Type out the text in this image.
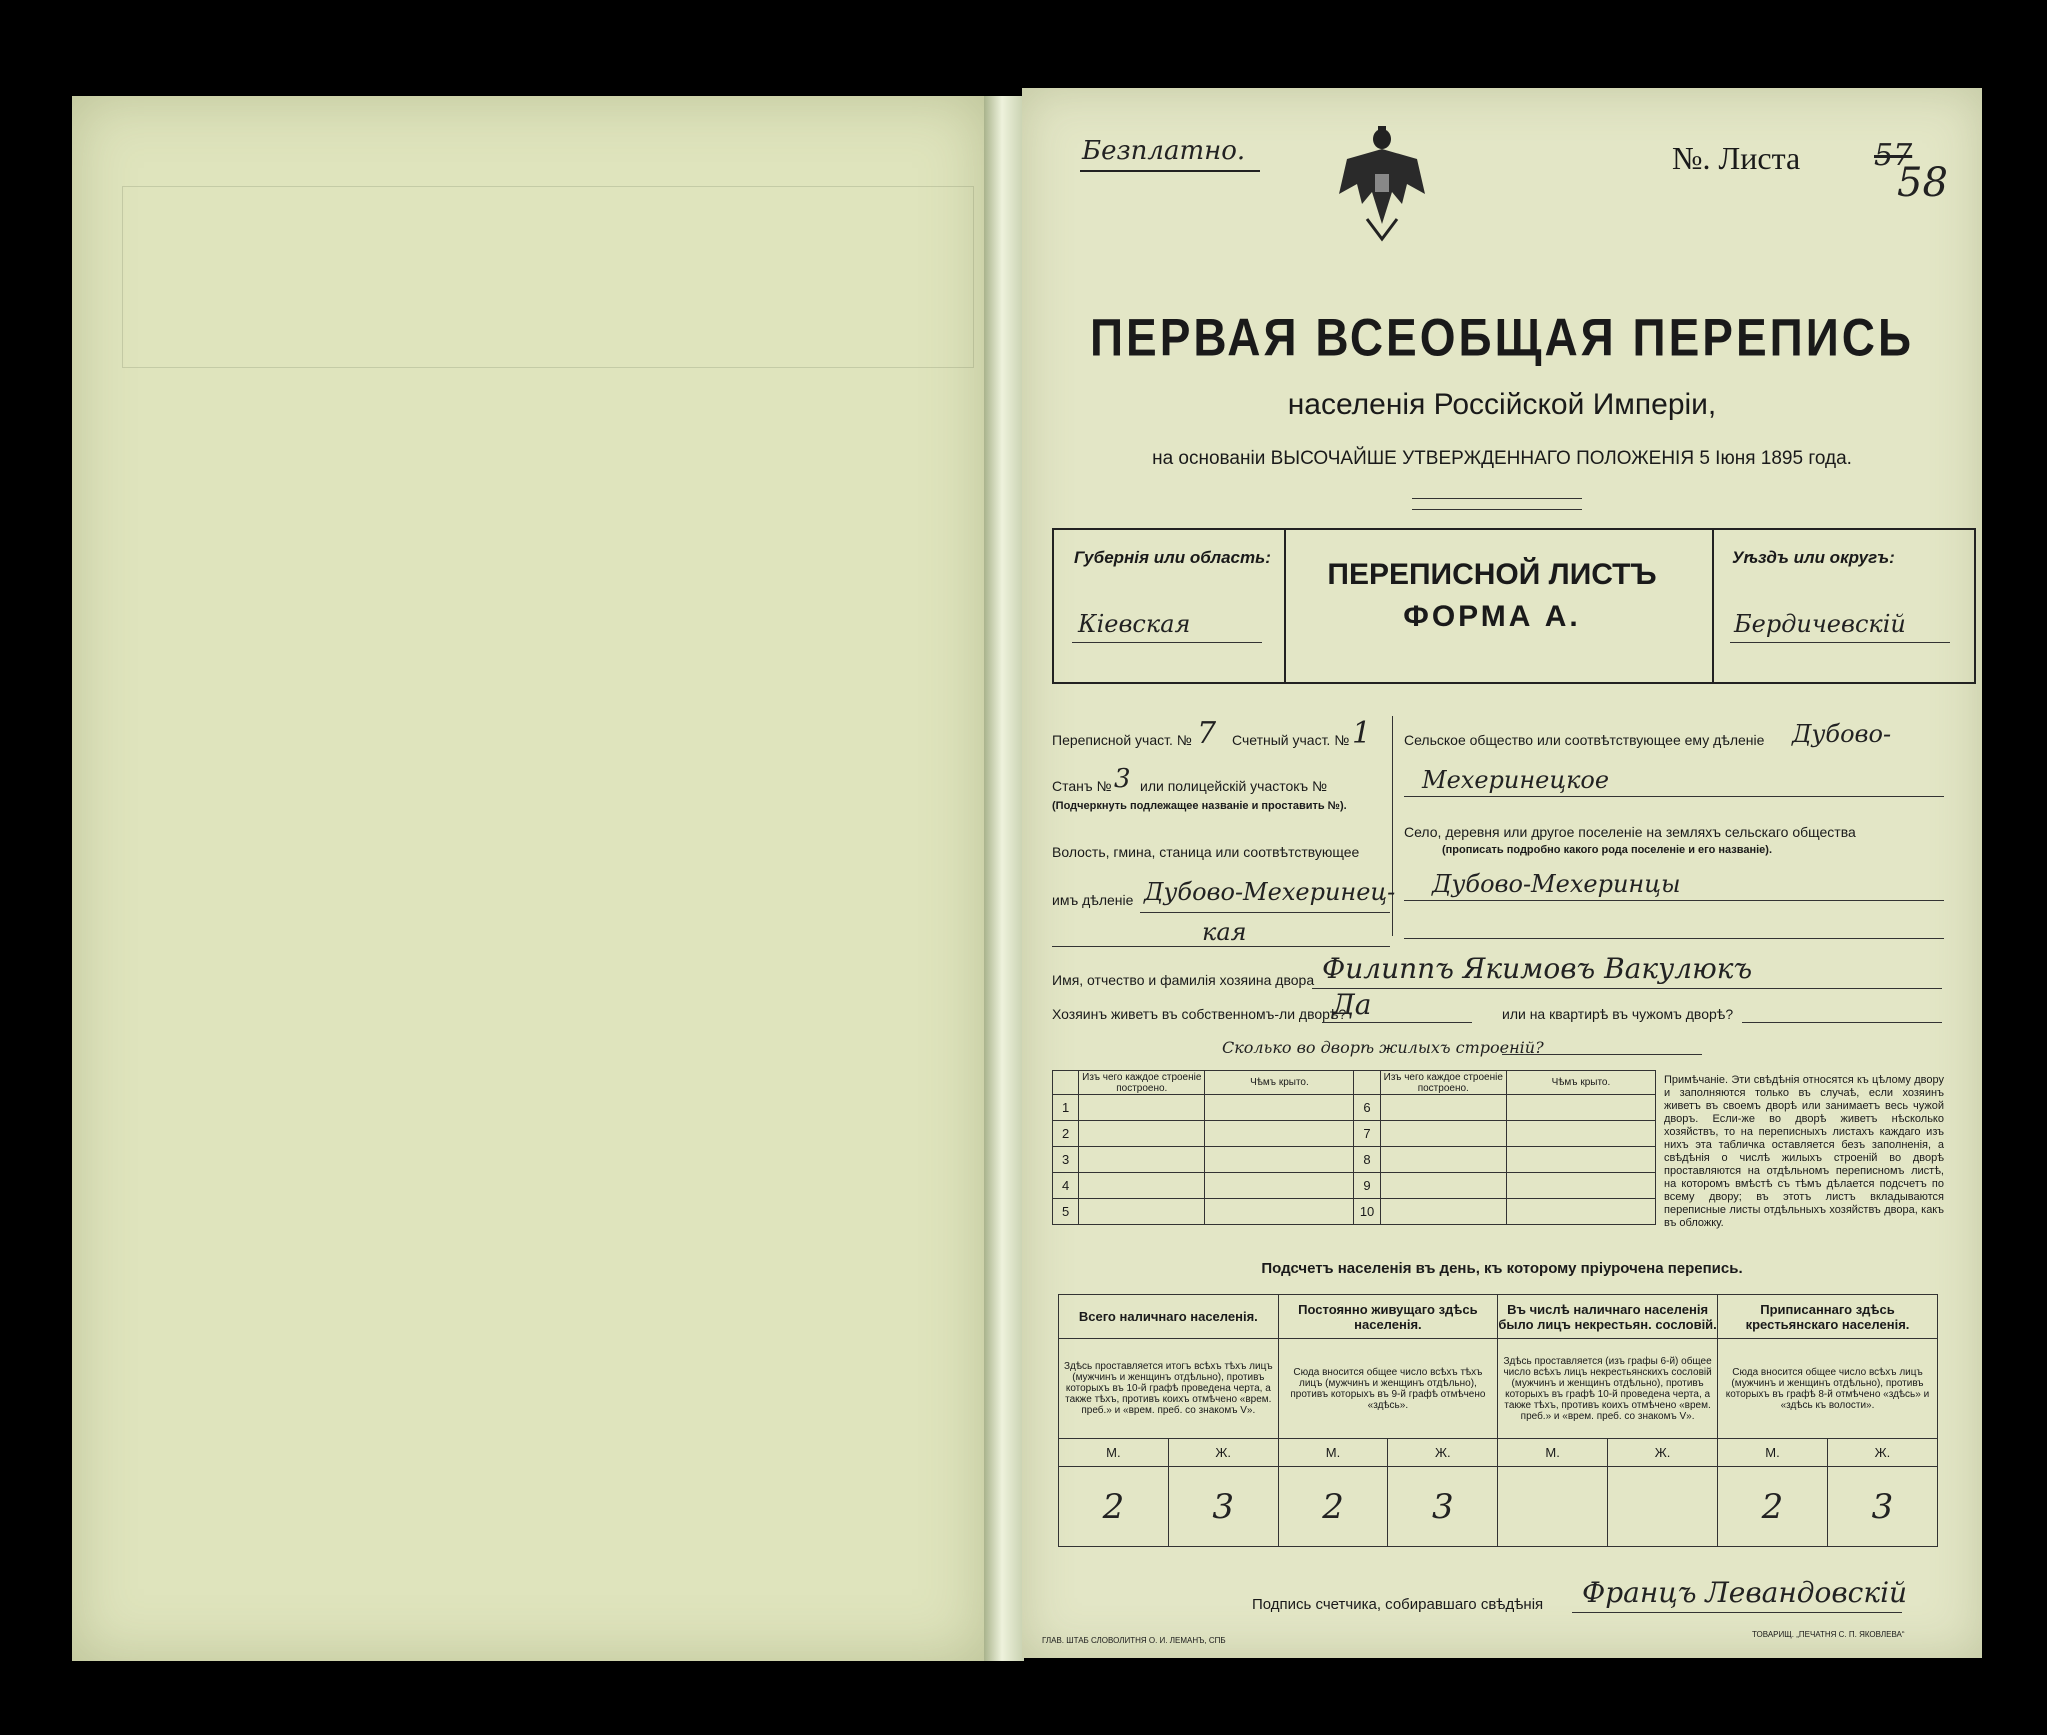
Безплатно.	№. Листа 57
58
ПЕРВАЯ ВСЕОБЩАЯ ПЕРЕПИСЬ
населенія Россійской Имперіи,
на основаніи ВЫСОЧАЙШЕ УТВЕРЖДЕННАГО ПОЛОЖЕНІЯ 5 Іюня 1895 года.
Губернія или область:
Кіевская
ПЕРЕПИСНОЙ ЛИСТЪ
ФОРМА А.
Уѣздъ или округъ:
Бердичевскій
Переписной участ. № 7 Счетный участ. № 1
Станъ № 3 или полицейскій участокъ №
(Подчеркнуть подлежащее названіе и проставить №).
Волость, гмина, станица или соотвѣтствующее
имъ дѣленіе Дубово-Мехеринец-
кая
Сельское общество или соотвѣтствующее ему дѣленіе Дубово-
Мехеринецкое
Село, деревня или другое поселеніе на земляхъ сельскаго общества
(прописать подробно какого рода поселеніе и его названіе).
Дубово-Мехеринцы
Имя, отчество и фамилія хозяина двора Филиппъ Якимовъ Вакулюкъ
Хозяинъ живетъ въ собственномъ-ли дворѣ?
Да	или на квартирѣ въ чужомъ дворѣ?
Сколько во дворѣ жилыхъ строеній?
	Изъ чего каждое строеніе построено.	Чѣмъ крыто.		Изъ чего каждое строеніе построено.	Чѣмъ крыто.
1			6		
2			7		
3			8		
4			9		
5			10		
Примѣчаніе. Эти свѣдѣнія относятся къ цѣлому двору и заполняются только въ случаѣ, если хозяинъ живетъ въ своемъ дворѣ или занимаетъ весь чужой дворъ. Если-же во дворѣ живетъ нѣсколько хозяйствъ, то на переписныхъ листахъ каждаго изъ нихъ эта табличка оставляется безъ заполненія, а свѣдѣнія о числѣ жилыхъ строеній во дворѣ проставляются на отдѣльномъ переписномъ листѣ, на которомъ вмѣстѣ съ тѣмъ дѣлается подсчетъ по всему двору; въ этотъ листъ вкладываются переписные листы отдѣльныхъ хозяйствъ двора, какъ въ обложку.
Подсчетъ населенія въ день, къ которому пріурочена перепись.
Всего наличнаго населенія.		Постоянно живущаго здѣсь населенія.		Въ числѣ наличнаго населенія было лицъ некрестьян. сословій.		Приписаннаго здѣсь крестьянскаго населенія.	
Здѣсь проставляется итогъ всѣхъ тѣхъ лицъ (мужчинъ и женщинъ отдѣльно), противъ которыхъ въ 10-й графѣ проведена черта, а также тѣхъ, противъ коихъ отмѣчено «врем. преб.» и «врем. преб. со знакомъ V».		Сюда вносится общее число всѣхъ тѣхъ лицъ (мужчинъ и женщинъ отдѣльно), противъ которыхъ въ 9-й графѣ отмѣчено «здѣсь».		Здѣсь проставляется (изъ графы 6-й) общее число всѣхъ лицъ некрестьянскихъ сословій (мужчинъ и женщинъ отдѣльно), противъ которыхъ въ графѣ 10-й проведена черта, а также тѣхъ, противъ коихъ отмѣчено «врем. преб.» и «врем. преб. со знакомъ V».		Сюда вносится общее число всѣхъ лицъ (мужчинъ и женщинъ отдѣльно), противъ которыхъ въ графѣ 8-й отмѣчено «здѣсь» и «здѣсь къ волости».	
М.	Ж.	М.	Ж.	М.	Ж.	М.	Ж.
2	3	2	3			2	3
Подпись счетчика, собиравшаго свѣдѣнія Францъ Левандовскій
ГЛАВ. ШТАБ СЛОВОЛИТНЯ О. И. ЛЕМАНЪ, СПБ
ТОВАРИЩ. „ПЕЧАТНЯ С. П. ЯКОВЛЕВА“
